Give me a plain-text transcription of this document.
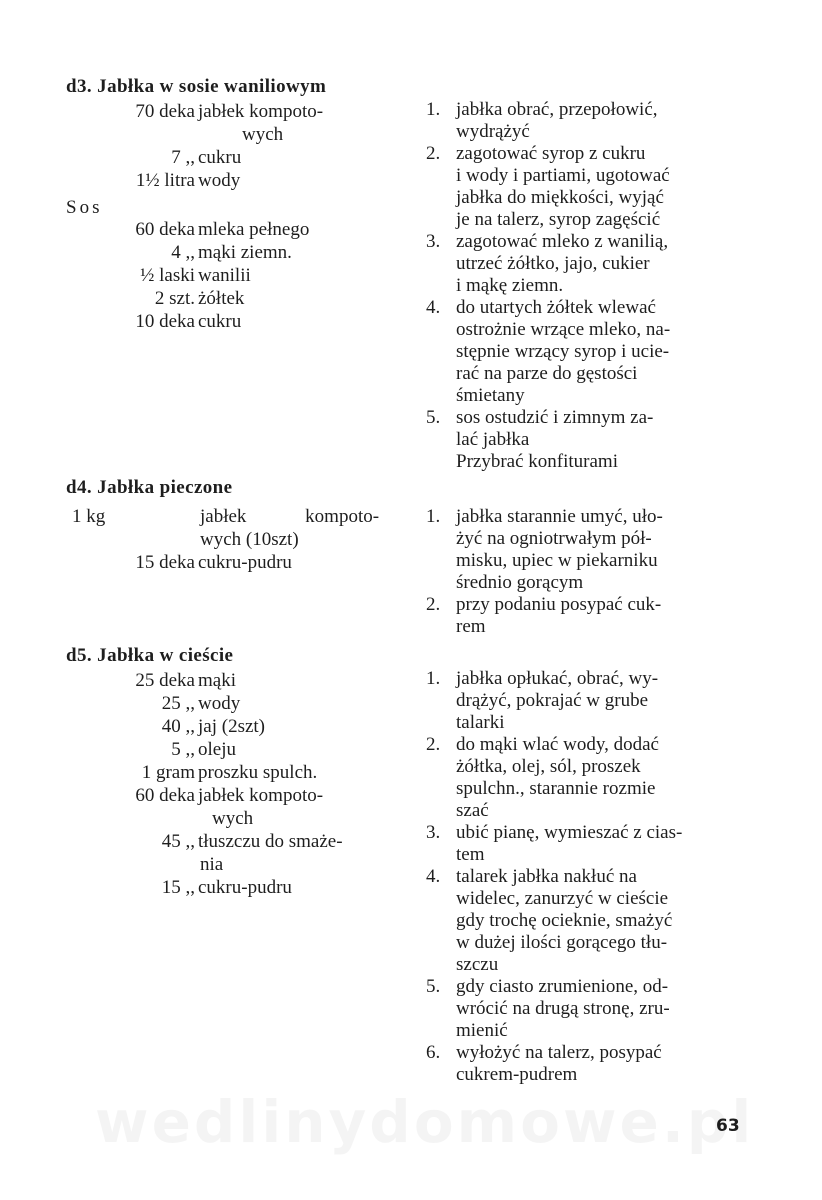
d3. Jabłka w sosie waniliowym
70 deka jabłek kompoto-
wych
7 ,, cukru
1½ litra wody
Sos
60 deka mleka pełnego
4 ,, mąki ziemn.
½ laski wanilii
2 szt. żółtek
10 deka cukru
1. jabłka obrać, przepołowić,
wydrążyć
2. zagotować syrop z cukru
i wody i partiami, ugotować
jabłka do miękkości, wyjąć
je na talerz, syrop zagęścić
3. zagotować mleko z wanilią,
utrzeć żółtko, jajo, cukier
i mąkę ziemn.
4. do utartych żółtek wlewać
ostrożnie wrzące mleko, na-
stępnie wrzący syrop i ucie-
rać na parze do gęstości
śmietany
5. sos ostudzić i zimnym za-
lać jabłka
Przybrać konfiturami
d4. Jabłka pieczone
1 kg	jabłek kompoto-
wych (10szt)
15 deka cukru-pudru
1. jabłka starannie umyć, uło-
żyć na ogniotrwałym pół-
misku, upiec w piekarniku
średnio gorącym
2. przy podaniu posypać cuk-
rem
d5. Jabłka w cieście
25 deka mąki
25 ,, wody
40 ,, jaj (2szt)
5 ,, oleju
1 gram proszku spulch.
60 deka jabłek kompoto-
wych
45 ,, tłuszczu do smaże-
nia
15 ,, cukru-pudru
1. jabłka opłukać, obrać, wy-
drążyć, pokrajać w grube
talarki
2. do mąki wlać wody, dodać
żółtka, olej, sól, proszek
spulchn., starannie rozmie
szać
3. ubić pianę, wymieszać z cias-
tem
4. talarek jabłka nakłuć na
widelec, zanurzyć w cieście
gdy trochę ocieknie, smażyć
w dużej ilości gorącego tłu-
szczu
5. gdy ciasto zrumienione, od-
wrócić na drugą stronę, zru-
mienić
6. wyłożyć na talerz, posypać
cukrem-pudrem
63
